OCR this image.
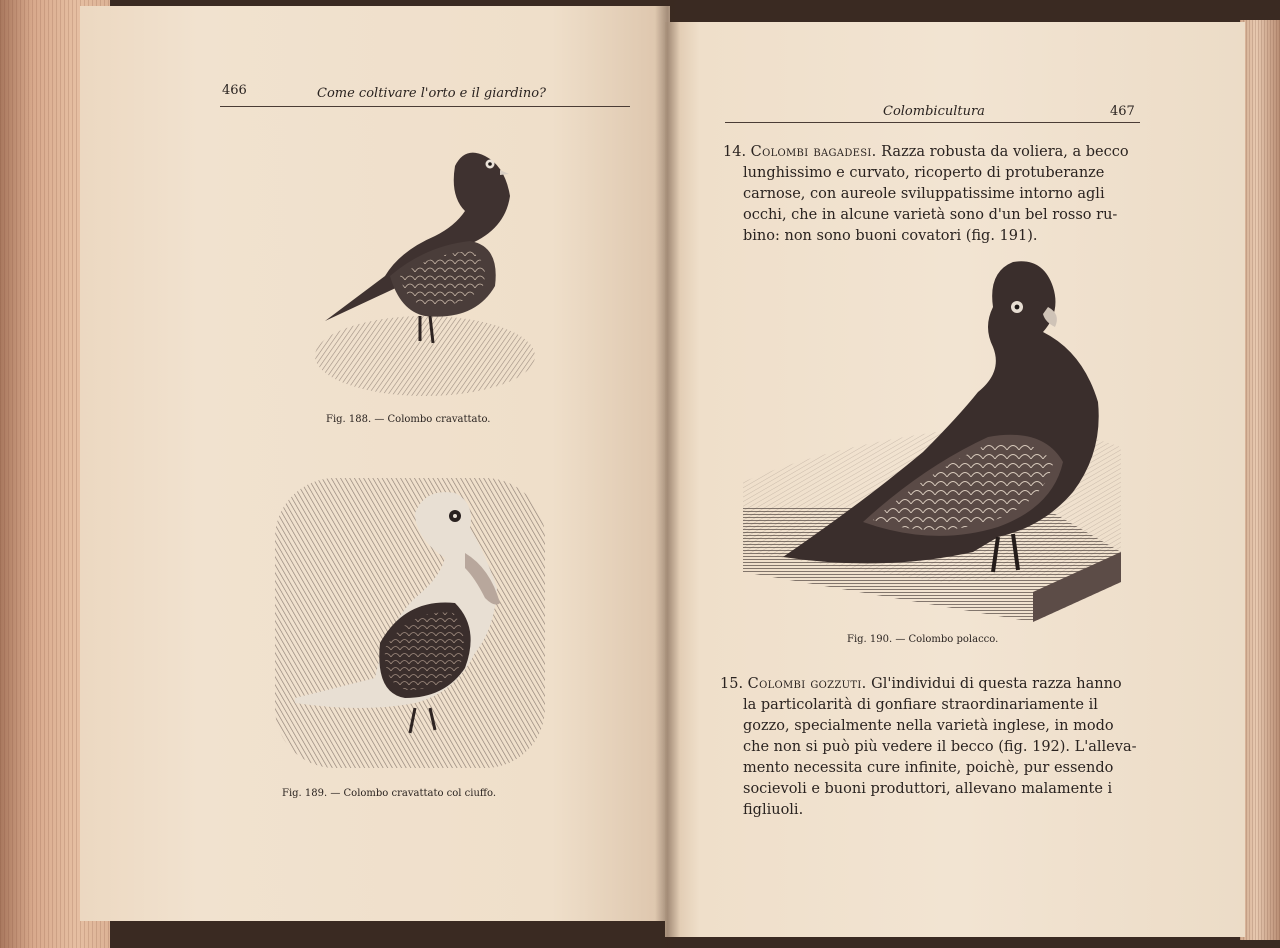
466	Come coltivare l'orto e il giardino?
Fig. 188. — Colombo cravattato.
Fig. 189. — Colombo cravattato col ciuffo.
Colombicultura	467
14. Colombi bagadesi. Razza robusta da voliera, a becco
lunghissimo e curvato, ricoperto di protuberanze
carnose, con aureole sviluppatissime intorno agli
occhi, che in alcune varietà sono d'un bel rosso ru-
bino: non sono buoni covatori (fig. 191).
Fig. 190. — Colombo polacco.
15. Colombi gozzuti. Gl'individui di questa razza hanno
la particolarità di gonfiare straordinariamente il
gozzo, specialmente nella varietà inglese, in modo
che non si può più vedere il becco (fig. 192). L'alleva-
mento necessita cure infinite, poichè, pur essendo
socievoli e buoni produttori, allevano malamente i
figliuoli.
